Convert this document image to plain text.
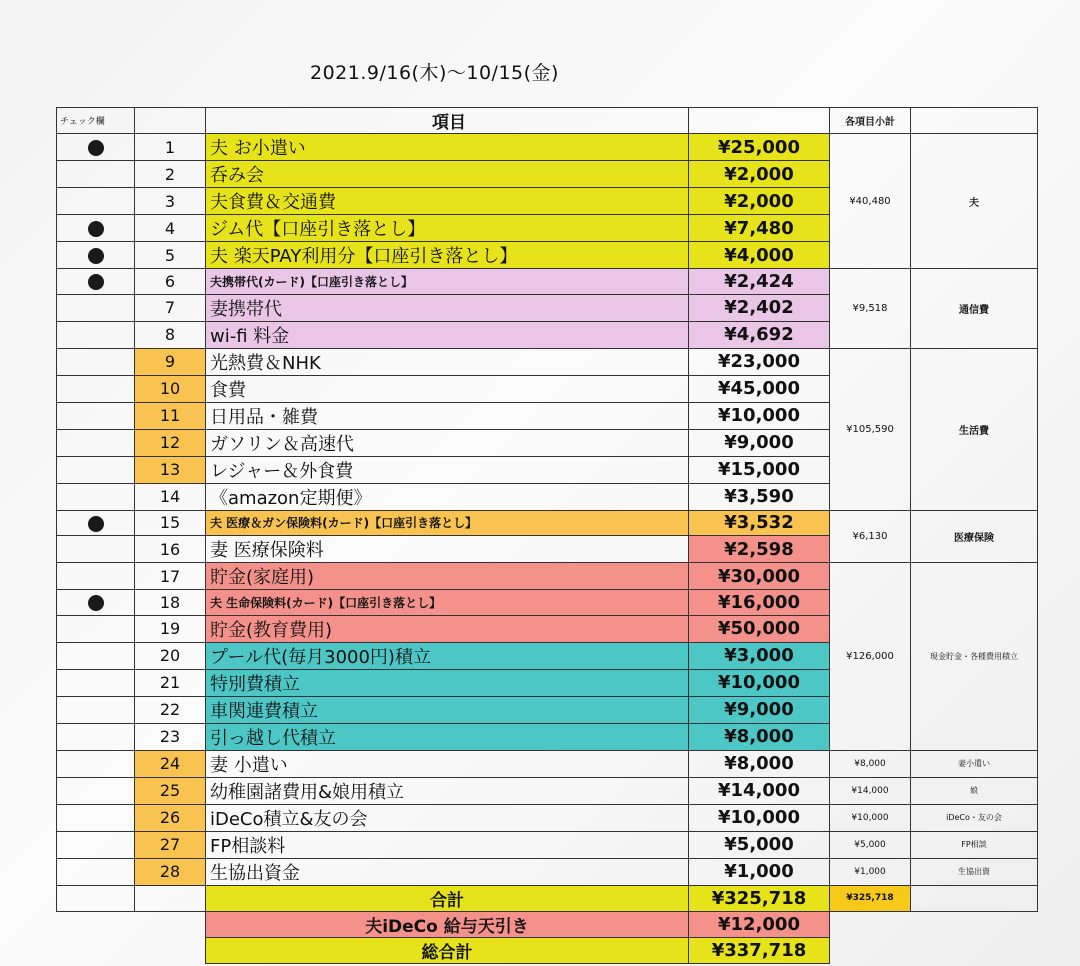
2021.9/16(木)～10/15(金)
チェック欄		項目		各項目小計	
	1	夫 お小遣い	¥25,000	¥40,480	夫
	2	呑み会	¥2,000		
	3	夫食費＆交通費	¥2,000		
	4	ジム代【口座引き落とし】	¥7,480		
	5	夫 楽天PAY利用分【口座引き落とし】	¥4,000		
	6	夫携帯代(カード)【口座引き落とし】	¥2,424	¥9,518	通信費
	7	妻携帯代	¥2,402		
	8	wi-fi 料金	¥4,692		
	9	光熱費＆NHK	¥23,000	¥105,590	生活費
	10	食費	¥45,000		
	11	日用品・雑費	¥10,000		
	12	ガソリン＆高速代	¥9,000		
	13	レジャー＆外食費	¥15,000		
	14	《amazon定期便》	¥3,590		
	15	夫 医療＆ガン保険料(カード)【口座引き落とし】	¥3,532	¥6,130	医療保険
	16	妻 医療保険料	¥2,598		
	17	貯金(家庭用)	¥30,000	¥126,000	現金貯金・各種費用積立
	18	夫 生命保険料(カード)【口座引き落とし】	¥16,000		
	19	貯金(教育費用)	¥50,000		
	20	プール代(毎月3000円)積立	¥3,000		
	21	特別費積立	¥10,000		
	22	車関連費積立	¥9,000		
	23	引っ越し代積立	¥8,000		
	24	妻 小遣い	¥8,000	¥8,000	妻小遣い
	25	幼稚園諸費用&娘用積立	¥14,000	¥14,000	娘
	26	iDeCo積立&友の会	¥10,000	¥10,000	iDeCo・友の会
	27	FP相談料	¥5,000	¥5,000	FP相談
	28	生協出資金	¥1,000	¥1,000	生協出資
		合計	¥325,718	¥325,718	
		夫iDeCo 給与天引き	¥12,000		
		総合計	¥337,718		
